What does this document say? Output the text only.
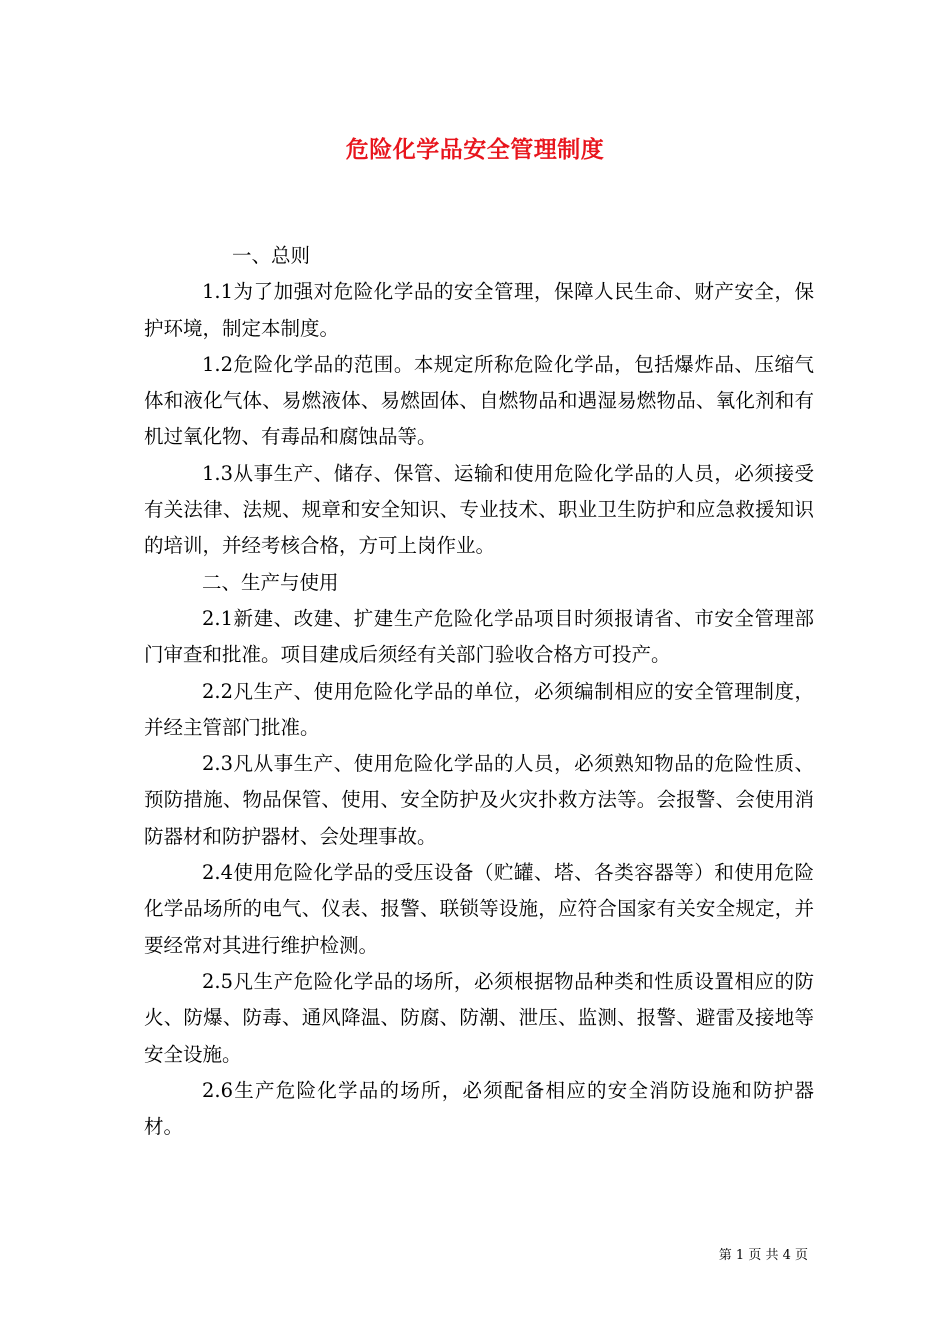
危险化学品安全管理制度

一、总则

1.1为了加强对危险化学品的安全管理，保障人民生命、财产安全，保护环境，制定本制度。

1.2危险化学品的范围。本规定所称危险化学品，包括爆炸品、压缩气体和液化气体、易燃液体、易燃固体、自燃物品和遇湿易燃物品、氧化剂和有机过氧化物、有毒品和腐蚀品等。

1.3从事生产、储存、保管、运输和使用危险化学品的人员，必须接受有关法律、法规、规章和安全知识、专业技术、职业卫生防护和应急救援知识的培训，并经考核合格，方可上岗作业。

二、生产与使用

2.1新建、改建、扩建生产危险化学品项目时须报请省、市安全管理部门审查和批准。项目建成后须经有关部门验收合格方可投产。

2.2凡生产、使用危险化学品的单位，必须编制相应的安全管理制度，并经主管部门批准。

2.3凡从事生产、使用危险化学品的人员，必须熟知物品的危险性质、预防措施、物品保管、使用、安全防护及火灾扑救方法等。会报警、会使用消防器材和防护器材、会处理事故。

2.4使用危险化学品的受压设备（贮罐、塔、各类容器等）和使用危险化学品场所的电气、仪表、报警、联锁等设施，应符合国家有关安全规定，并要经常对其进行维护检测。

2.5凡生产危险化学品的场所，必须根据物品种类和性质设置相应的防火、防爆、防毒、通风降温、防腐、防潮、泄压、监测、报警、避雷及接地等安全设施。

2.6生产危险化学品的场所，必须配备相应的安全消防设施和防护器材。

第 1 页 共 4 页
